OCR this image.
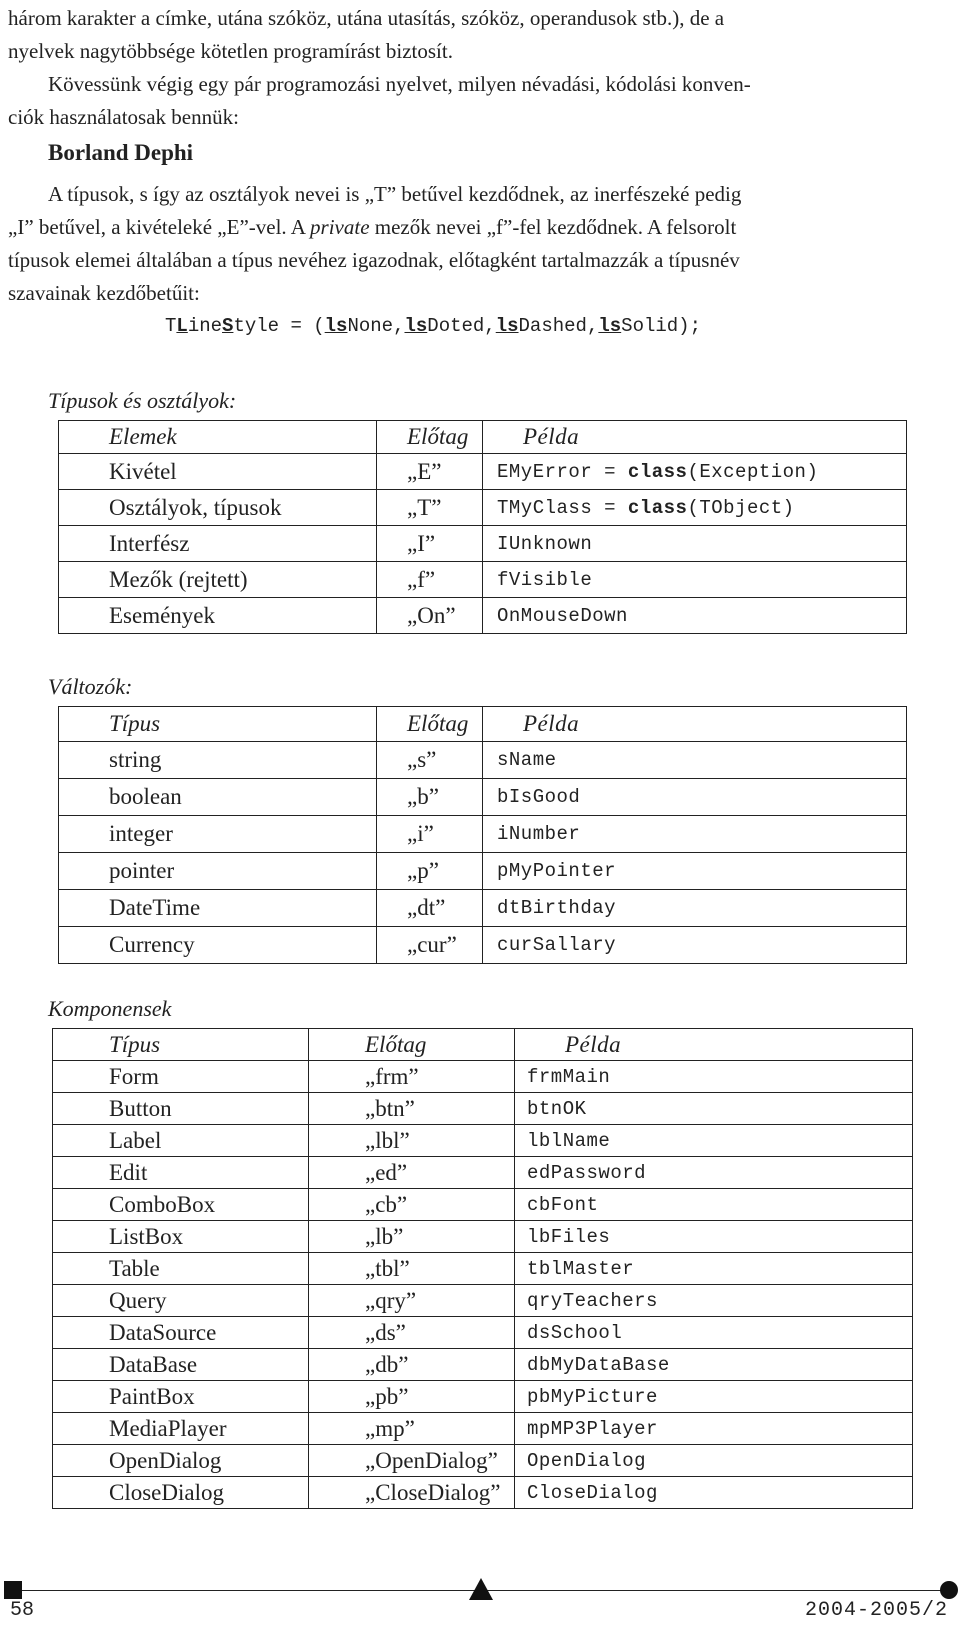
három karakter a címke, utána szóköz, utána utasítás, szóköz, operandusok stb.), de a
nyelvek nagytöbbsége kötetlen programírást biztosít.
Kövessünk végig egy pár programozási nyelvet, milyen névadási, kódolási konven-
ciók használatosak bennük:

Borland Dephi

A típusok, s így az osztályok nevei is „T” betűvel kezdődnek, az inerfészeké pedig
„I” betűvel, a kivételeké „E”-vel. A private mezők nevei „f”-fel kezdődnek. A felsorolt
típusok elemei általában a típus nevéhez igazodnak, előtagként tartalmazzák a típusnév
szavainak kezdőbetűit:

TLineStyle = (lsNone,lsDoted,lsDashed,lsSolid);
Típusok és osztályok:
Elemek	Előtag	Példa
Kivétel	„E”	EMyError = class(Exception)
Osztályok, típusok	„T”	TMyClass = class(TObject)
Interfész	„I”	IUnknown
Mezők (rejtett)	„f”	fVisible
Események	„On”	OnMouseDown
Változók:
Típus	Előtag	Példa
string	„s”	sName
boolean	„b”	bIsGood
integer	„i”	iNumber
pointer	„p”	pMyPointer
DateTime	„dt”	dtBirthday
Currency	„cur”	curSallary
Komponensek
Típus	Előtag	Példa
Form	„frm”	frmMain
Button	„btn”	btnOK
Label	„lbl”	lblName
Edit	„ed”	edPassword
ComboBox	„cb”	cbFont
ListBox	„lb”	lbFiles
Table	„tbl”	tblMaster
Query	„qry”	qryTeachers
DataSource	„ds”	dsSchool
DataBase	„db”	dbMyDataBase
PaintBox	„pb”	pbMyPicture
MediaPlayer	„mp”	mpMP3Player
OpenDialog	„OpenDialog”	OpenDialog
CloseDialog	„CloseDialog”	CloseDialog
58	2004-2005/2
